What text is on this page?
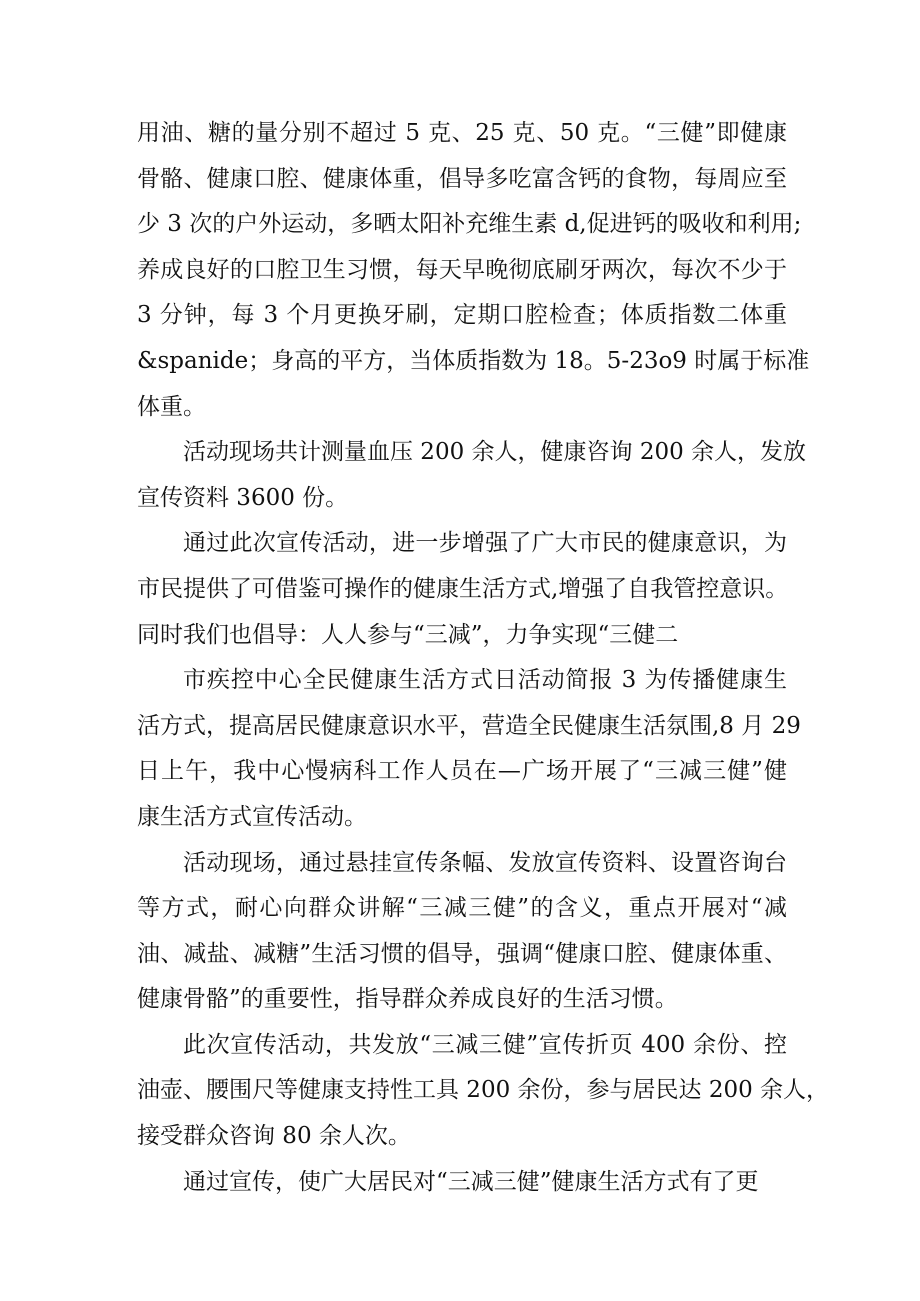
用油、糖的量分别不超过 5 克、25 克、50 克。“三健”即健康
骨骼、健康口腔、健康体重，倡导多吃富含钙的食物，每周应至
少 3 次的户外运动，多晒太阳补充维生素 d,促进钙的吸收和利用;
养成良好的口腔卫生习惯，每天早晚彻底刷牙两次，每次不少于
3 分钟，每 3 个月更换牙刷，定期口腔检查；体质指数二体重
&spanide；身高的平方，当体质指数为 18。5-23o9 时属于标准
体重。
活动现场共计测量血压 200 余人，健康咨询 200 余人，发放
宣传资料 3600 份。
通过此次宣传活动，进一步增强了广大市民的健康意识，为
市民提供了可借鉴可操作的健康生活方式,增强了自我管控意识。
同时我们也倡导：人人参与“三减”，力争实现“三健二
市疾控中心全民健康生活方式日活动简报 3 为传播健康生
活方式，提高居民健康意识水平，营造全民健康生活氛围,8 月 29
日上午，我中心慢病科工作人员在—广场开展了“三减三健”健
康生活方式宣传活动。
活动现场，通过悬挂宣传条幅、发放宣传资料、设置咨询台
等方式，耐心向群众讲解“三减三健”的含义，重点开展对“减
油、减盐、减糖”生活习惯的倡导，强调“健康口腔、健康体重、
健康骨骼”的重要性，指导群众养成良好的生活习惯。
此次宣传活动，共发放“三减三健”宣传折页 400 余份、控
油壶、腰围尺等健康支持性工具 200 余份，参与居民达 200 余人，
接受群众咨询 80 余人次。
通过宣传，使广大居民对“三减三健”健康生活方式有了更
